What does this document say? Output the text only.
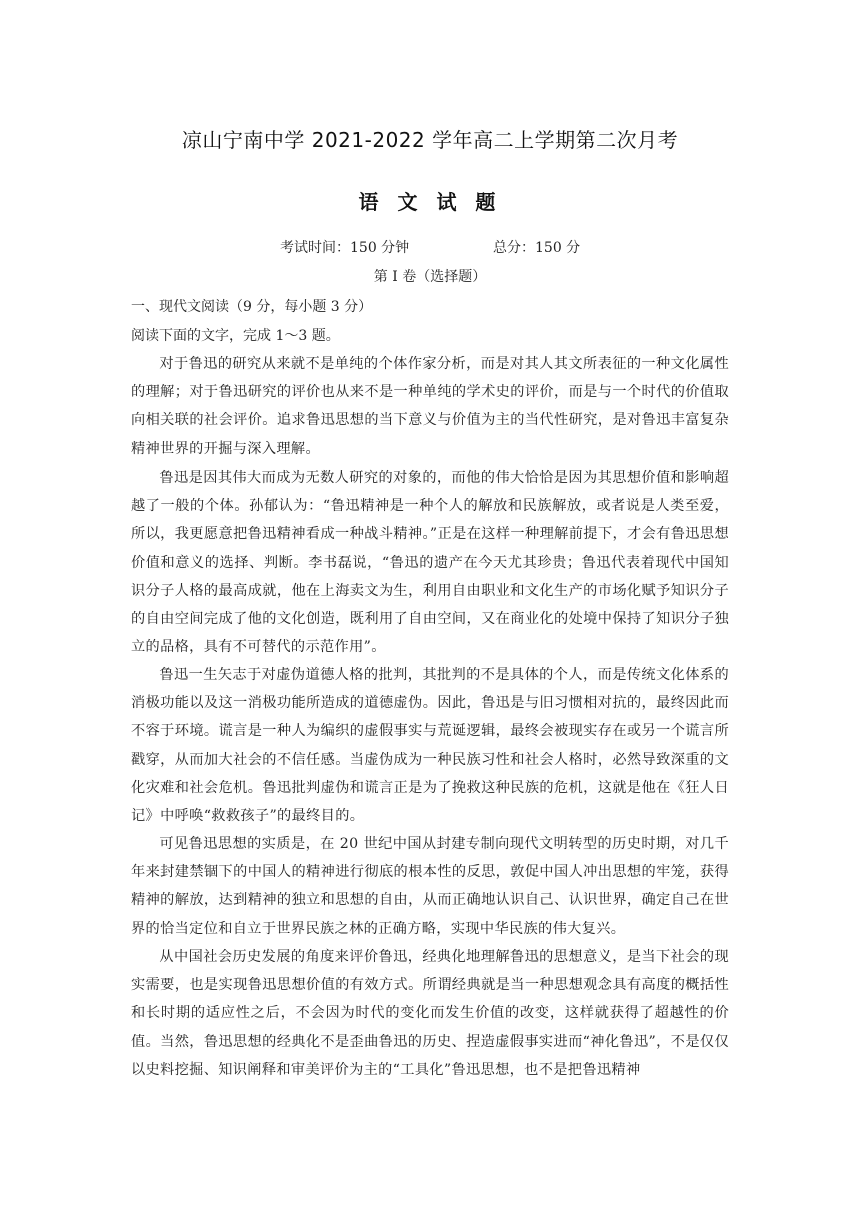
凉山宁南中学 2021-2022 学年高二上学期第二次月考
语 文 试 题
考试时间：150 分钟	总分：150 分
第 I 卷（选择题）
一、现代文阅读（9 分，每小题 3 分）
阅读下面的文字，完成 1～3 题。

对于鲁迅的研究从来就不是单纯的个体作家分析，而是对其人其文所表征的一种文化属性的理解；对于鲁迅研究的评价也从来不是一种单纯的学术史的评价，而是与一个时代的价值取向相关联的社会评价。追求鲁迅思想的当下意义与价值为主的当代性研究，是对鲁迅丰富复杂精神世界的开掘与深入理解。

鲁迅是因其伟大而成为无数人研究的对象的，而他的伟大恰恰是因为其思想价值和影响超越了一般的个体。孙郁认为：“鲁迅精神是一种个人的解放和民族解放，或者说是人类至爱，所以，我更愿意把鲁迅精神看成一种战斗精神。”正是在这样一种理解前提下，才会有鲁迅思想价值和意义的选择、判断。李书磊说，“鲁迅的遗产在今天尤其珍贵；鲁迅代表着现代中国知识分子人格的最高成就，他在上海卖文为生，利用自由职业和文化生产的市场化赋予知识分子的自由空间完成了他的文化创造，既利用了自由空间，又在商业化的处境中保持了知识分子独立的品格，具有不可替代的示范作用”。

鲁迅一生矢志于对虚伪道德人格的批判，其批判的不是具体的个人，而是传统文化体系的消极功能以及这一消极功能所造成的道德虚伪。因此，鲁迅是与旧习惯相对抗的，最终因此而不容于环境。谎言是一种人为编织的虚假事实与荒诞逻辑，最终会被现实存在或另一个谎言所戳穿，从而加大社会的不信任感。当虚伪成为一种民族习性和社会人格时，必然导致深重的文化灾难和社会危机。鲁迅批判虚伪和谎言正是为了挽救这种民族的危机，这就是他在《狂人日记》中呼唤“救救孩子”的最终目的。

可见鲁迅思想的实质是，在 20 世纪中国从封建专制向现代文明转型的历史时期，对几千年来封建禁锢下的中国人的精神进行彻底的根本性的反思，敦促中国人冲出思想的牢笼，获得精神的解放，达到精神的独立和思想的自由，从而正确地认识自己、认识世界，确定自己在世界的恰当定位和自立于世界民族之林的正确方略，实现中华民族的伟大复兴。

从中国社会历史发展的角度来评价鲁迅，经典化地理解鲁迅的思想意义，是当下社会的现实需要，也是实现鲁迅思想价值的有效方式。所谓经典就是当一种思想观念具有高度的概括性和长时期的适应性之后，不会因为时代的变化而发生价值的改变，这样就获得了超越性的价值。当然，鲁迅思想的经典化不是歪曲鲁迅的历史、捏造虚假事实进而“神化鲁迅”，不是仅仅以史料挖掘、知识阐释和审美评价为主的“工具化”鲁迅思想，也不是把鲁迅精神
